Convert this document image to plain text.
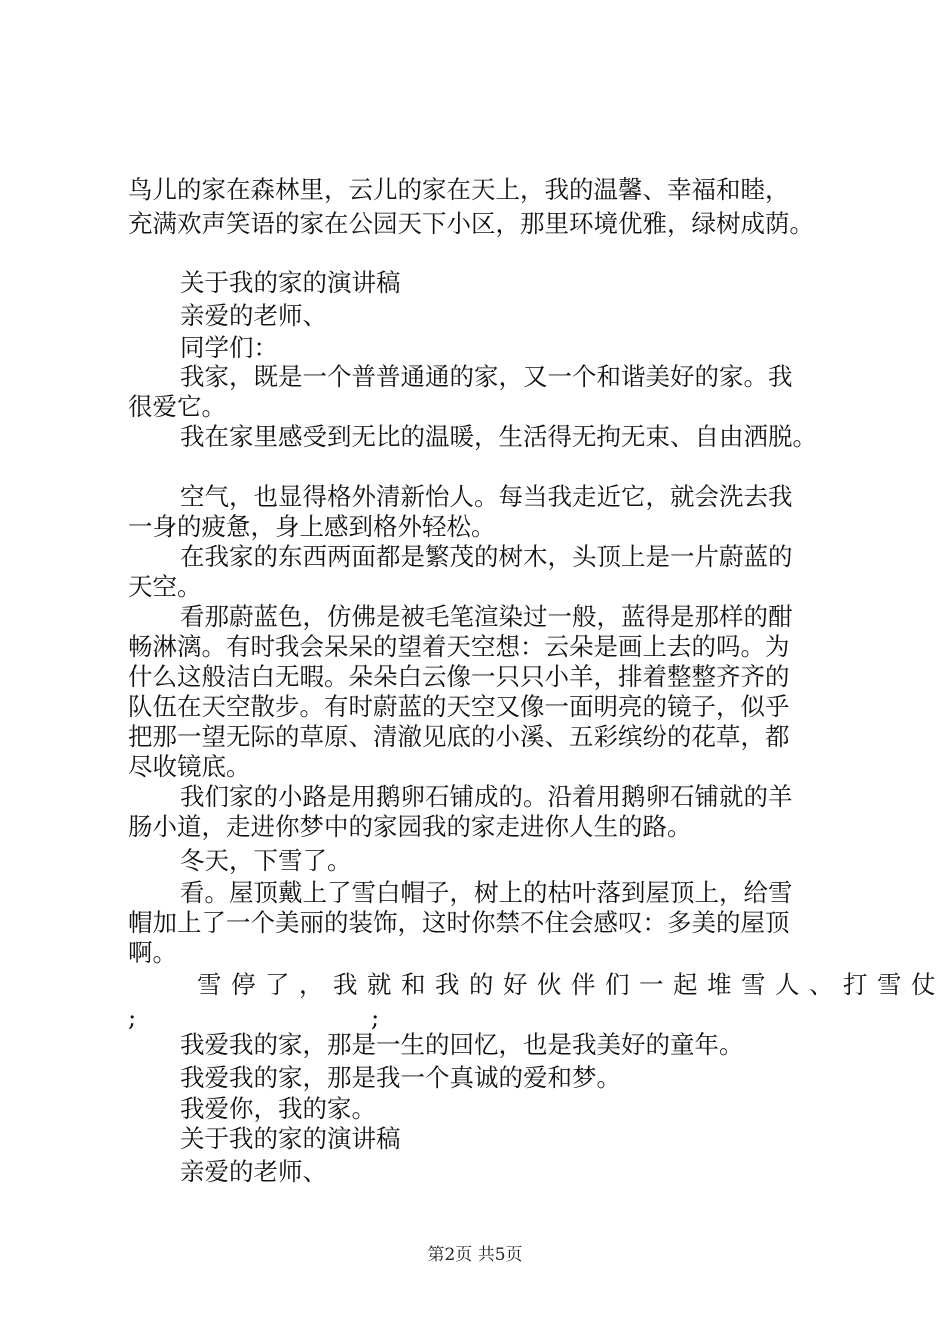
鸟儿的家在森林里，云儿的家在天上，我的温馨、幸福和睦，
充满欢声笑语的家在公园天下小区，那里环境优雅，绿树成荫。
关于我的家的演讲稿
亲爱的老师、
同学们：
我家，既是一个普普通通的家，又一个和谐美好的家。我
很爱它。
我在家里感受到无比的温暖，生活得无拘无束、自由洒脱。
空气，也显得格外清新怡人。每当我走近它，就会洗去我
一身的疲惫，身上感到格外轻松。
在我家的东西两面都是繁茂的树木，头顶上是一片蔚蓝的
天空。
看那蔚蓝色，仿佛是被毛笔渲染过一般，蓝得是那样的酣
畅淋漓。有时我会呆呆的望着天空想：云朵是画上去的吗。为
什么这般洁白无暇。朵朵白云像一只只小羊，排着整整齐齐的
队伍在天空散步。有时蔚蓝的天空又像一面明亮的镜子，似乎
把那一望无际的草原、清澈见底的小溪、五彩缤纷的花草，都
尽收镜底。
我们家的小路是用鹅卵石铺成的。沿着用鹅卵石铺就的羊
肠小道，走进你梦中的家园我的家走进你人生的路。
冬天，下雪了。
看。屋顶戴上了雪白帽子，树上的枯叶落到屋顶上，给雪
帽加上了一个美丽的装饰，这时你禁不住会感叹：多美的屋顶
啊。
雪停了，我就和我的好伙伴们一起堆雪人、打雪仗
;	;
我爱我的家，那是一生的回忆，也是我美好的童年。
我爱我的家，那是我一个真诚的爱和梦。
我爱你，我的家。
关于我的家的演讲稿
亲爱的老师、
第2页 共5页
